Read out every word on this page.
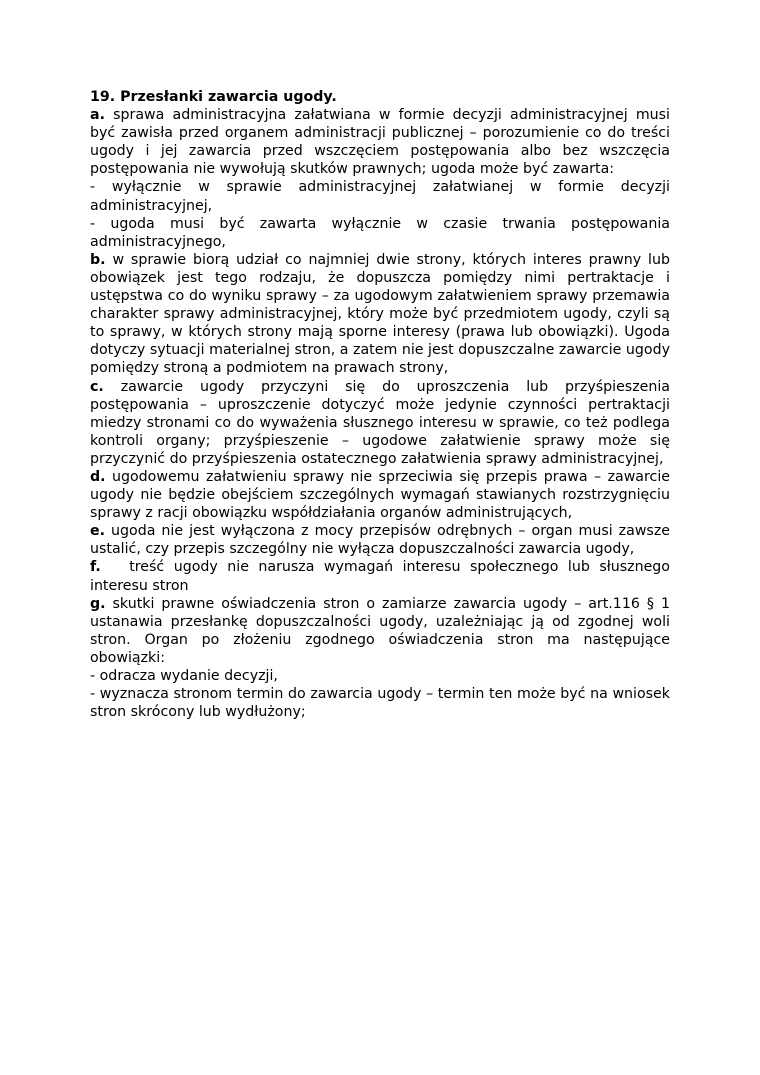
19. Przesłanki zawarcia ugody.

a. sprawa administracyjna załatwiana w formie decyzji administracyjnej musi być zawisła przed organem administracji publicznej – porozumienie co do treści ugody i jej zawarcia przed wszczęciem postępowania albo bez wszczęcia postępowania nie wywołują skutków prawnych; ugoda może być zawarta:

- wyłącznie w sprawie administracyjnej załatwianej w formie decyzji administracyjnej,

- ugoda musi być zawarta wyłącznie w czasie trwania postępowania administracyjnego,

b. w sprawie biorą udział co najmniej dwie strony, których interes prawny lub obowiązek jest tego rodzaju, że dopuszcza pomiędzy nimi pertraktacje i ustępstwa co do wyniku sprawy – za ugodowym załatwieniem sprawy przemawia charakter sprawy administracyjnej, który może być przedmiotem ugody, czyli są to sprawy, w których strony mają sporne interesy (prawa lub obowiązki). Ugoda dotyczy sytuacji materialnej stron, a zatem nie jest dopuszczalne zawarcie ugody pomiędzy stroną a podmiotem na prawach strony,

c. zawarcie ugody przyczyni się do uproszczenia lub przyśpieszenia postępowania – uproszczenie dotyczyć może jedynie czynności pertraktacji miedzy stronami co do wyważenia słusznego interesu w sprawie, co też podlega kontroli organy; przyśpieszenie – ugodowe załatwienie sprawy może się przyczynić do przyśpieszenia ostatecznego załatwienia sprawy administracyjnej,

d. ugodowemu załatwieniu sprawy nie sprzeciwia się przepis prawa – zawarcie ugody nie będzie obejściem szczególnych wymagań stawianych rozstrzygnięciu sprawy z racji obowiązku współdziałania organów administrujących,

e. ugoda nie jest wyłączona z mocy przepisów odrębnych – organ musi zawsze ustalić, czy przepis szczególny nie wyłącza dopuszczalności zawarcia ugody,

f.   treść ugody nie narusza wymagań interesu społecznego lub słusznego interesu stron

g. skutki prawne oświadczenia stron o zamiarze zawarcia ugody – art.116 § 1 ustanawia przesłankę dopuszczalności ugody, uzależniając ją od zgodnej woli stron. Organ po złożeniu zgodnego oświadczenia stron ma następujące obowiązki:

- odracza wydanie decyzji,

- wyznacza stronom termin do zawarcia ugody – termin ten może być na wniosek stron skrócony lub wydłużony;
